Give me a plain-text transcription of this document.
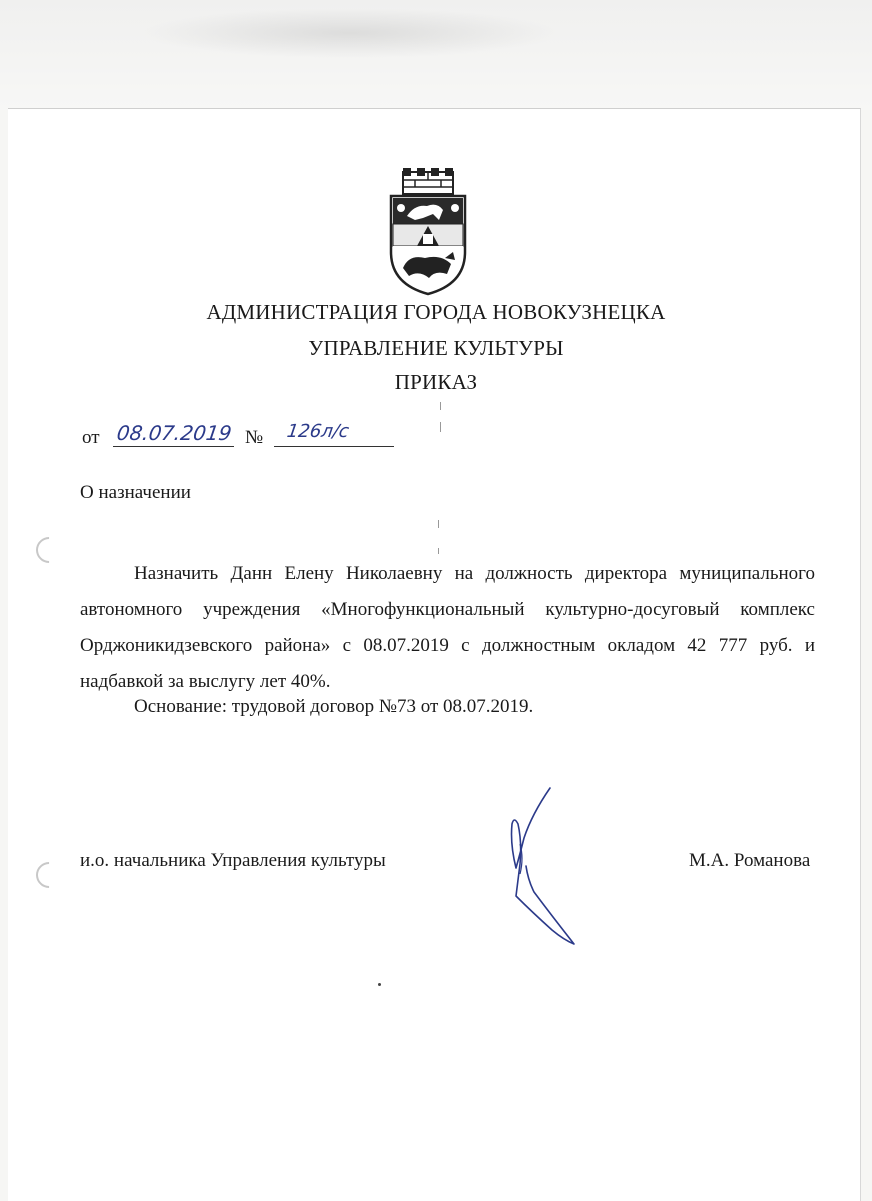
АДМИНИСТРАЦИЯ ГОРОДА НОВОКУЗНЕЦКА
УПРАВЛЕНИЕ КУЛЬТУРЫ
ПРИКАЗ
от 08.07.2019 № 126л/с
О назначении
Назначить Данн Елену Николаевну на должность директора муниципального автономного учреждения «Многофункциональный культурно-досуговый комплекс Орджоникидзевского района» с 08.07.2019 с должностным окладом 42 777 руб. и надбавкой за выслугу лет 40%.
Основание: трудовой договор №73 от 08.07.2019.
и.о. начальника Управления культуры	М.А. Романова
